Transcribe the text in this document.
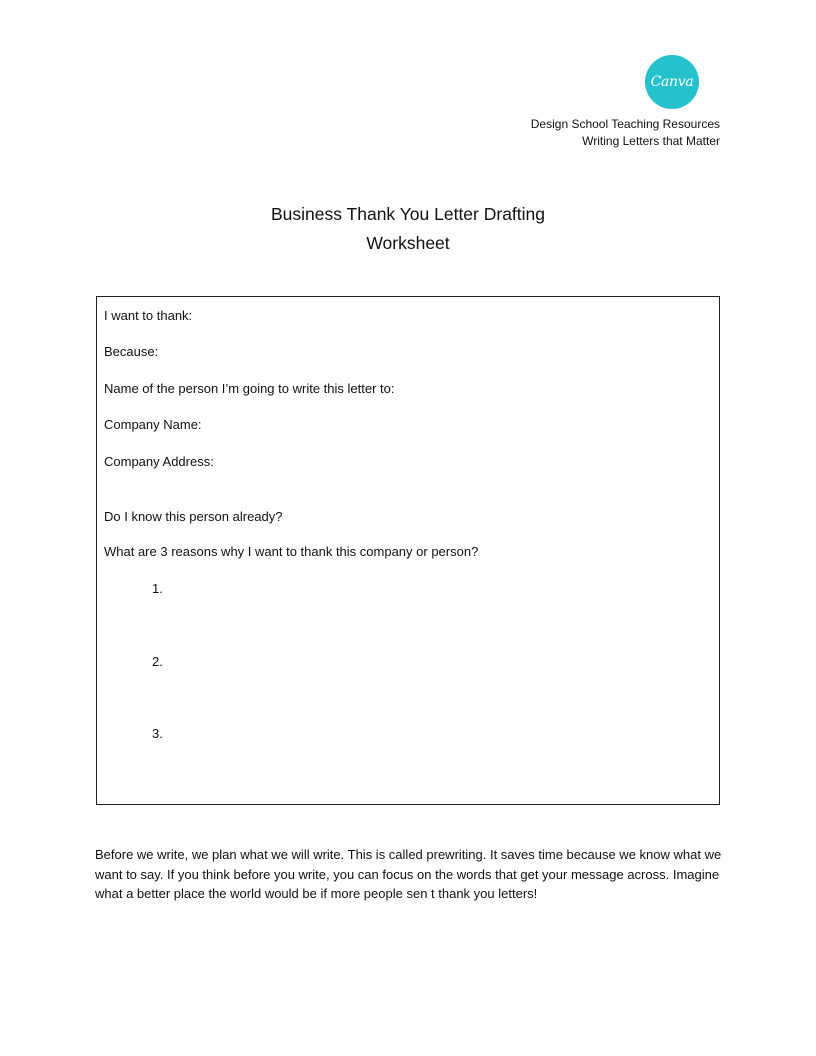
Canva
Design School Teaching Resources
Writing Letters that Matter
Business Thank You Letter Drafting
Worksheet
I want to thank:
Because:
Name of the person I’m going to write this letter to:
Company Name:
Company Address:
Do I know this person already?
What are 3 reasons why I want to thank this company or person?
1.
2.
3.

Before we write, we plan what we will write. This is called prewriting. It saves time because we know what we want to say. If you think before you write, you can focus on the words that get your message across. Imagine what a better place the world would be if more people sen t thank you letters!
